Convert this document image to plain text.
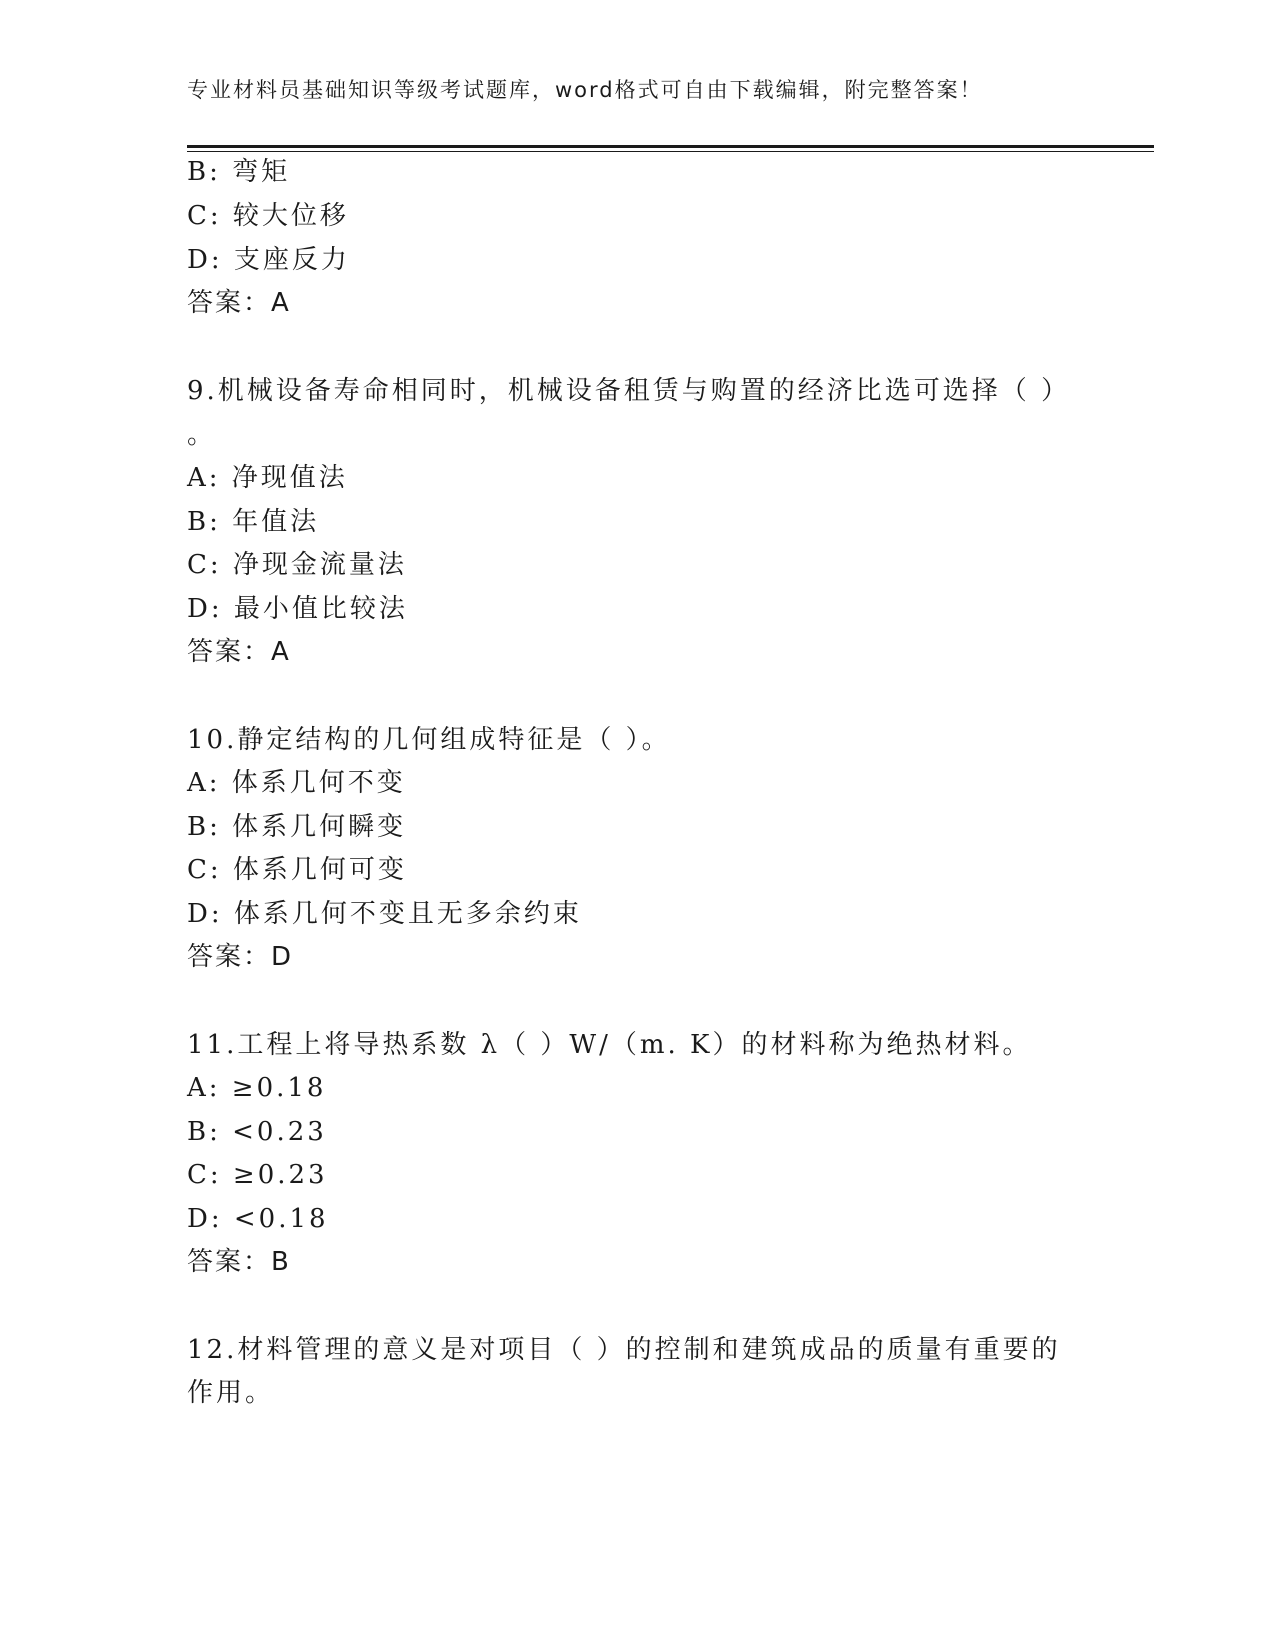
专业材料员基础知识等级考试题库，word格式可自由下载编辑，附完整答案！
B: 弯矩
C: 较大位移
D: 支座反力
答案：A
9.机械设备寿命相同时，机械设备租赁与购置的经济比选可选择（ ）
。
A: 净现值法
B: 年值法
C: 净现金流量法
D: 最小值比较法
答案：A
10.静定结构的几何组成特征是（ ）。
A: 体系几何不变
B: 体系几何瞬变
C: 体系几何可变
D: 体系几何不变且无多余约束
答案：D
11.工程上将导热系数 λ（ ）W/（m. K）的材料称为绝热材料。
A: ≥0.18
B: <0.23
C: ≥0.23
D: <0.18
答案：B
12.材料管理的意义是对项目（ ）的控制和建筑成品的质量有重要的
作用。
